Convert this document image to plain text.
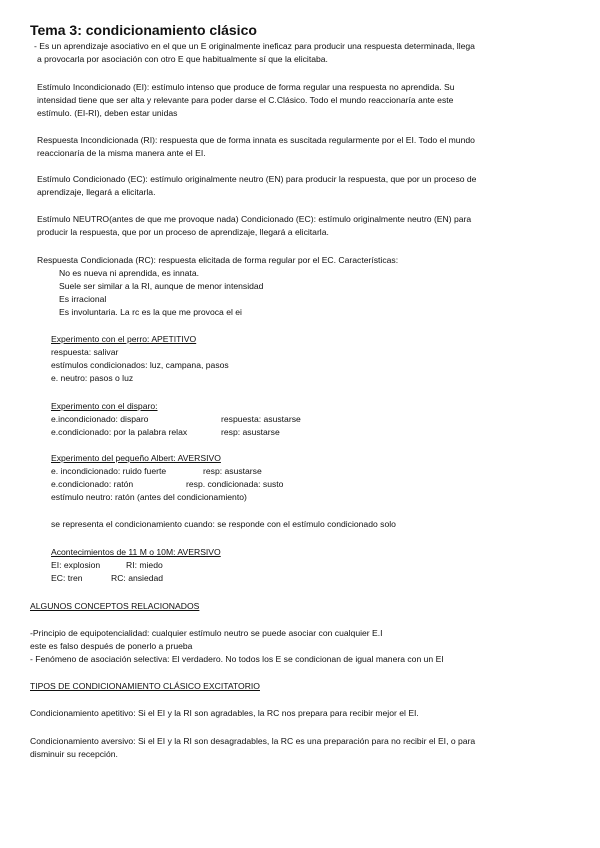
Tema 3: condicionamiento clásico

- Es un aprendizaje asociativo en el que un E originalmente ineficaz para producir una respuesta determinada, llega

a provocarla por asociación con otro E que habitualmente sí que la elicitaba.

Estímulo Incondicionado (EI): estímulo intenso que produce de forma regular una respuesta no aprendida. Su

intensidad tiene que ser alta y relevante para poder darse el C.Clásico. Todo el mundo reaccionaría ante este

estímulo. (EI-RI), deben estar unidas

Respuesta Incondicionada (RI): respuesta que de forma innata es suscitada regularmente por el EI. Todo el mundo

reaccionaría de la misma manera ante el EI.

Estímulo Condicionado (EC): estímulo originalmente neutro (EN) para producir la respuesta, que por un proceso de

aprendizaje, llegará a elicitarla.

Estímulo NEUTRO(antes de que me provoque nada) Condicionado (EC): estímulo originalmente neutro (EN) para

producir la respuesta, que por un proceso de aprendizaje, llegará a elicitarla.

Respuesta Condicionada (RC): respuesta elicitada de forma regular por el EC. Características:

No es nueva ni aprendida, es innata.

Suele ser similar a la RI, aunque de menor intensidad

Es irracional

Es involuntaria. La rc es la que me provoca el ei

Experimento con el perro: APETITIVO

respuesta: salivar

estímulos condicionados: luz, campana, pasos

e. neutro: pasos o luz

Experimento con el disparo:

e.incondicionado: disparo	respuesta: asustarse

e.condicionado: por la palabra relax	resp: asustarse

Experimento del pequeño Albert: AVERSIVO

e. incondicionado: ruido fuerte	resp: asustarse

e.condicionado: ratón	resp. condicionada: susto

estímulo neutro: ratón (antes del condicionamiento)

se representa el condicionamiento cuando: se responde con el estímulo condicionado solo

Acontecimientos de 11 M o 10M: AVERSIVO

EI: explosion	RI: miedo

EC: tren	RC: ansiedad

ALGUNOS CONCEPTOS RELACIONADOS

-Principio de equipotencialidad: cualquier estímulo neutro se puede asociar con cualquier E.I

este es falso después de ponerlo a prueba

- Fenómeno de asociación selectiva: El verdadero. No todos los E se condicionan de igual manera con un EI

TIPOS DE CONDICIONAMIENTO CLÁSICO EXCITATORIO

Condicionamiento apetitivo: Si el EI y la RI son agradables, la RC nos prepara para recibir mejor el EI.

Condicionamiento aversivo: Si el EI y la RI son desagradables, la RC es una preparación para no recibir el EI, o para

disminuir su recepción.
